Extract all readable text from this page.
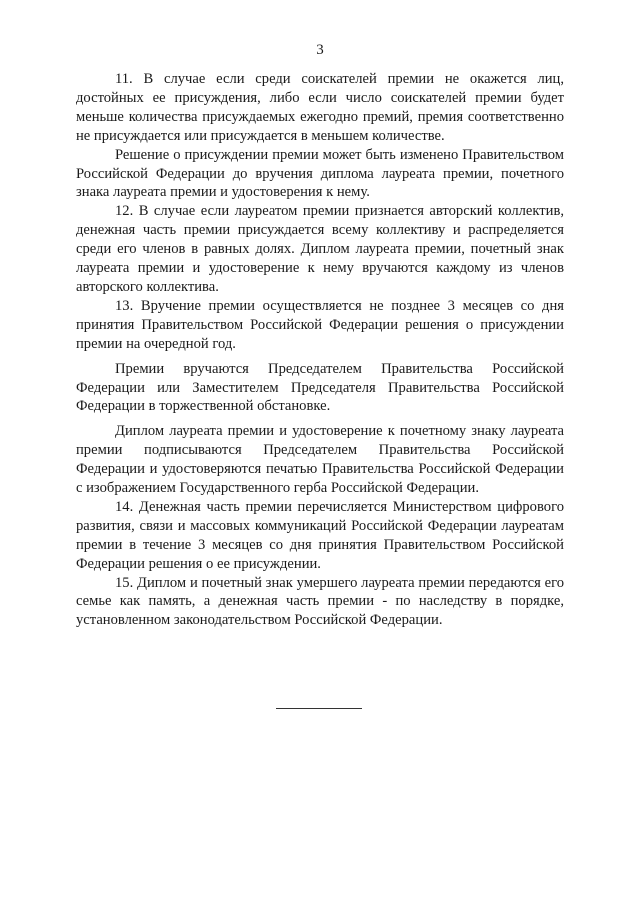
3

11. В случае если среди соискателей премии не окажется лиц, достойных ее присуждения, либо если число соискателей премии будет меньше количества присуждаемых ежегодно премий, премия соответственно не присуждается или присуждается в меньшем количестве.

Решение о присуждении премии может быть изменено Правительством Российской Федерации до вручения диплома лауреата премии, почетного знака лауреата премии и удостоверения к нему.

12. В случае если лауреатом премии признается авторский коллектив, денежная часть премии присуждается всему коллективу и распределяется среди его членов в равных долях. Диплом лауреата премии, почетный знак лауреата премии и удостоверение к нему вручаются каждому из членов авторского коллектива.

13. Вручение премии осуществляется не позднее 3 месяцев со дня принятия Правительством Российской Федерации решения о присуждении премии на очередной год.

Премии вручаются Председателем Правительства Российской Федерации или Заместителем Председателя Правительства Российской Федерации в торжественной обстановке.

Диплом лауреата премии и удостоверение к почетному знаку лауреата премии подписываются Председателем Правительства Российской Федерации и удостоверяются печатью Правительства Российской Федерации с изображением Государственного герба Российской Федерации.

14. Денежная часть премии перечисляется Министерством цифрового развития, связи и массовых коммуникаций Российской Федерации лауреатам премии в течение 3 месяцев со дня принятия Правительством Российской Федерации решения о ее присуждении.

15. Диплом и почетный знак умершего лауреата премии передаются его семье как память, а денежная часть премии - по наследству в порядке, установленном законодательством Российской Федерации.
